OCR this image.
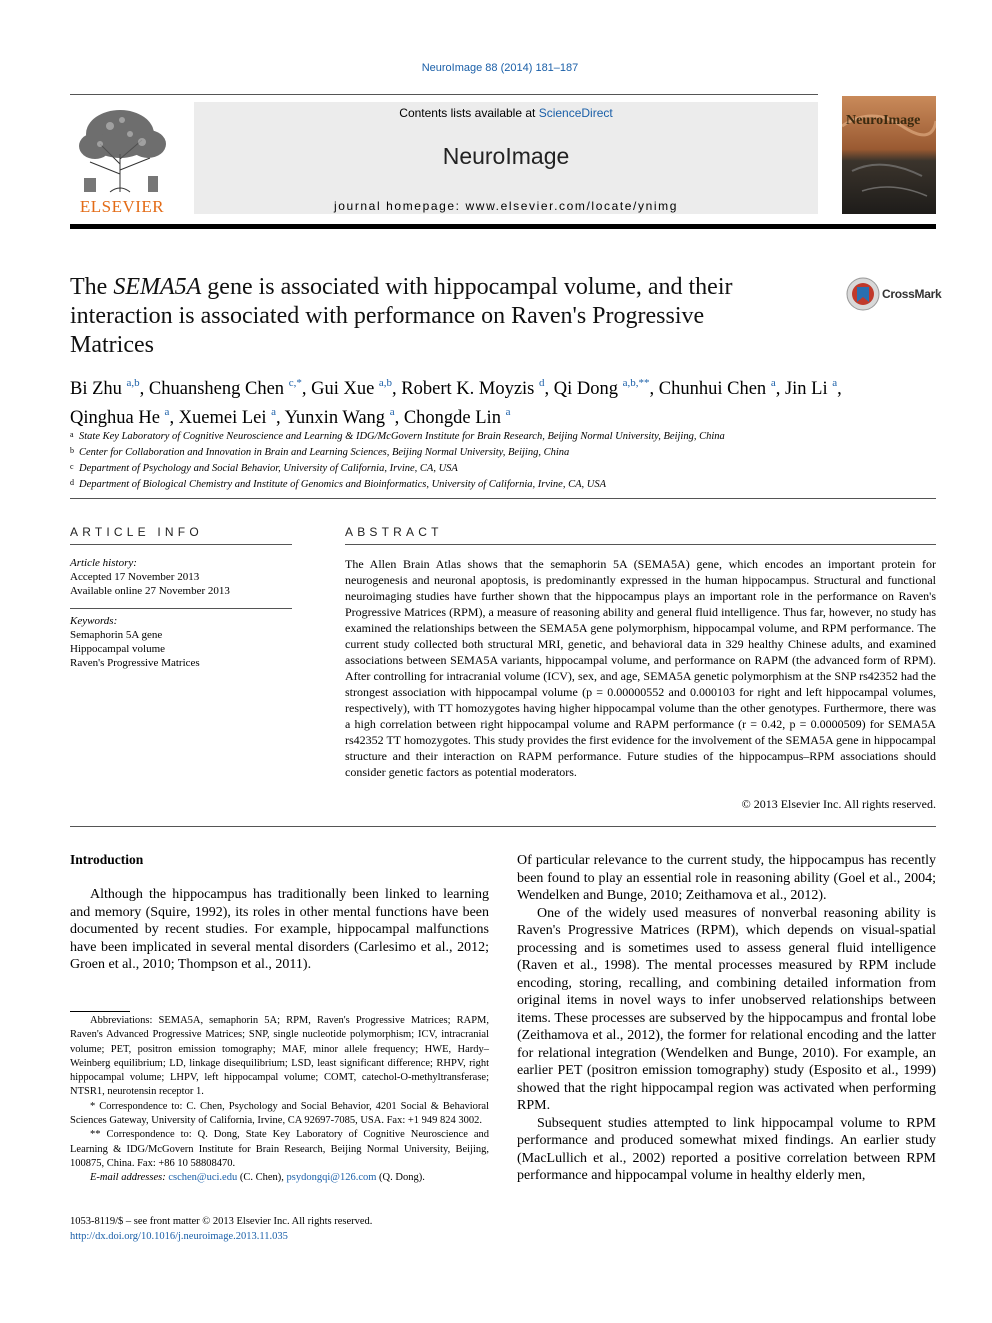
NeuroImage 88 (2014) 181–187
ELSEVIER
Contents lists available at ScienceDirect
NeuroImage
journal homepage: www.elsevier.com/locate/ynimg
NeuroImage
The SEMA5A gene is associated with hippocampal volume, and their interaction is associated with performance on Raven's Progressive Matrices
CrossMark
Bi Zhu $^{a,b}$, Chuansheng Chen $^{c,*}$, Gui Xue $^{a,b}$, Robert K. Moyzis $^d$, Qi Dong $^{a,b,**}$, Chunhui Chen $^a$, Jin Li $^a$,
Qinghua He $^a$, Xuemei Lei $^a$, Yunxin Wang $^a$, Chongde Lin $^a$
a State Key Laboratory of Cognitive Neuroscience and Learning & IDG/McGovern Institute for Brain Research, Beijing Normal University, Beijing, China
b Center for Collaboration and Innovation in Brain and Learning Sciences, Beijing Normal University, Beijing, China
c Department of Psychology and Social Behavior, University of California, Irvine, CA, USA
d Department of Biological Chemistry and Institute of Genomics and Bioinformatics, University of California, Irvine, CA, USA
ARTICLE INFO	ABSTRACT
Article history:
Accepted 17 November 2013
Available online 27 November 2013
Keywords:
Semaphorin 5A gene
Hippocampal volume
Raven's Progressive Matrices
The Allen Brain Atlas shows that the semaphorin 5A (SEMA5A) gene, which encodes an important protein for neurogenesis and neuronal apoptosis, is predominantly expressed in the human hippocampus. Structural and functional neuroimaging studies have further shown that the hippocampus plays an important role in the performance on Raven's Progressive Matrices (RPM), a measure of reasoning ability and general fluid intelligence. Thus far, however, no study has examined the relationships between the SEMA5A gene polymorphism, hippocampal volume, and RPM performance. The current study collected both structural MRI, genetic, and behavioral data in 329 healthy Chinese adults, and examined associations between SEMA5A variants, hippocampal volume, and performance on RAPM (the advanced form of RPM). After controlling for intracranial volume (ICV), sex, and age, SEMA5A genetic polymorphism at the SNP rs42352 had the strongest association with hippocampal volume (p = 0.00000552 and 0.000103 for right and left hippocampal volumes, respectively), with TT homozygotes having higher hippocampal volume than the other genotypes. Furthermore, there was a high correlation between right hippocampal volume and RAPM performance (r = 0.42, p = 0.0000509) for SEMA5A rs42352 TT homozygotes. This study provides the first evidence for the involvement of the SEMA5A gene in hippocampal structure and their interaction on RAPM performance. Future studies of the hippocampus–RPM associations should consider genetic factors as potential moderators.
© 2013 Elsevier Inc. All rights reserved.
Introduction

Although the hippocampus has traditionally been linked to learning and memory (Squire, 1992), its roles in other mental functions have been documented by recent studies. For example, hippocampal malfunctions have been implicated in several mental disorders (Carlesimo et al., 2012; Groen et al., 2010; Thompson et al., 2011).

Of particular relevance to the current study, the hippocampus has recently been found to play an essential role in reasoning ability (Goel et al., 2004; Wendelken and Bunge, 2010; Zeithamova et al., 2012).

One of the widely used measures of nonverbal reasoning ability is Raven's Progressive Matrices (RPM), which depends on visual-spatial processing and is sometimes used to assess general fluid intelligence (Raven et al., 1998). The mental processes measured by RPM include encoding, storing, recalling, and combining detailed information from original items in novel ways to infer unobserved relationships between items. These processes are subserved by the hippocampus and frontal lobe (Zeithamova et al., 2012), the former for relational encoding and the latter for relational integration (Wendelken and Bunge, 2010). For example, an earlier PET (positron emission tomography) study (Esposito et al., 1999) showed that the right hippocampal region was activated when performing RPM.

Subsequent studies attempted to link hippocampal volume to RPM performance and produced somewhat mixed findings. An earlier study (MacLullich et al., 2002) reported a positive correlation between RPM performance and hippocampal volume in healthy elderly men,

Abbreviations: SEMA5A, semaphorin 5A; RPM, Raven's Progressive Matrices; RAPM, Raven's Advanced Progressive Matrices; SNP, single nucleotide polymorphism; ICV, intracranial volume; PET, positron emission tomography; MAF, minor allele frequency; HWE, Hardy–Weinberg equilibrium; LD, linkage disequilibrium; LSD, least significant difference; RHPV, right hippocampal volume; LHPV, left hippocampal volume; COMT, catechol-O-methyltransferase; NTSR1, neurotensin receptor 1.

* Correspondence to: C. Chen, Psychology and Social Behavior, 4201 Social & Behavioral Sciences Gateway, University of California, Irvine, CA 92697-7085, USA. Fax: +1 949 824 3002.

** Correspondence to: Q. Dong, State Key Laboratory of Cognitive Neuroscience and Learning & IDG/McGovern Institute for Brain Research, Beijing Normal University, Beijing, 100875, China. Fax: +86 10 58808470.

E-mail addresses: cschen@uci.edu (C. Chen), psydongqi@126.com (Q. Dong).

1053-8119/$ – see front matter © 2013 Elsevier Inc. All rights reserved.
http://dx.doi.org/10.1016/j.neuroimage.2013.11.035
